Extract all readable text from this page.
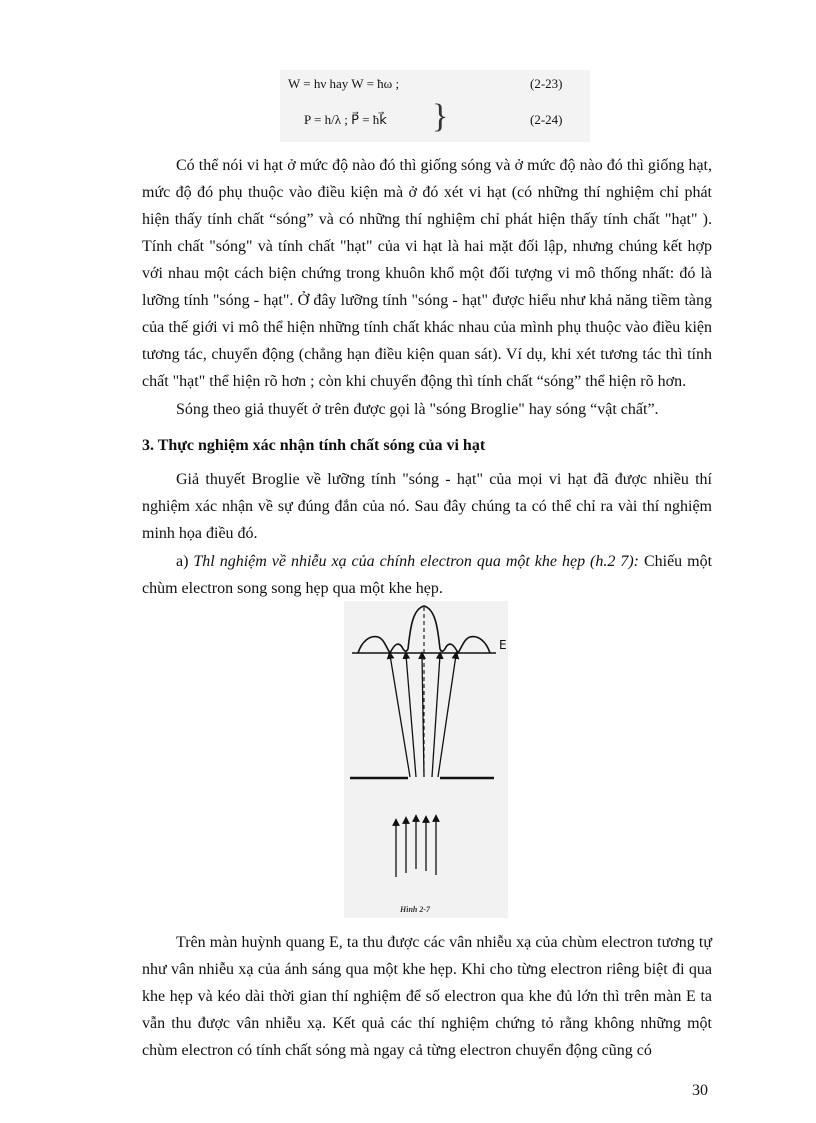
W = hν hay W = ħω ;	(2-23)
P = h/λ ; P⃗ = ħk⃗ }	(2-24)

Có thể nói vi hạt ở mức độ nào đó thì giống sóng và ở mức độ nào đó thì giống hạt, mức độ đó phụ thuộc vào điều kiện mà ở đó xét vi hạt (có những thí nghiệm chỉ phát hiện thấy tính chất “sóng” và có những thí nghiệm chỉ phát hiện thấy tính chất "hạt" ). Tính chất "sóng" và tính chất "hạt" của vi hạt là hai mặt đối lập, nhưng chúng kết hợp với nhau một cách biện chứng trong khuôn khổ một đối tượng vi mô thống nhất: đó là lưỡng tính "sóng - hạt". Ở đây lưỡng tính "sóng - hạt" được hiểu như khả năng tiềm tàng của thế giới vi mô thể hiện những tính chất khác nhau của mình phụ thuộc vào điều kiện tương tác, chuyển động (chẳng hạn điều kiện quan sát). Ví dụ, khi xét tương tác thì tính chất "hạt" thể hiện rõ hơn ; còn khi chuyển động thì tính chất “sóng” thể hiện rõ hơn.

Sóng theo giả thuyết ở trên được gọi là "sóng Broglie" hay sóng “vật chất”.

3. Thực nghiệm xác nhận tính chất sóng của vi hạt

Giả thuyết Broglie về lưỡng tính "sóng - hạt" của mọi vi hạt đã được nhiều thí nghiệm xác nhận về sự đúng đắn của nó. Sau đây chúng ta có thể chỉ ra vài thí nghiệm minh họa điều đó.

a) Thl nghiệm về nhiễu xạ của chính electron qua một khe hẹp (h.2 7): Chiếu một chùm electron song song hẹp qua một khe hẹp.

E
Hình 2-7

Trên màn huỳnh quang E, ta thu được các vân nhiễu xạ của chùm electron tương tự như vân nhiễu xạ của ánh sáng qua một khe hẹp. Khi cho từng electron riêng biệt đi qua khe hẹp và kéo dài thời gian thí nghiệm để số electron qua khe đủ lớn thì trên màn E ta vẫn thu được vân nhiễu xạ. Kết quả các thí nghiệm chứng tỏ rằng không những một chùm electron có tính chất sóng mà ngay cả từng electron chuyển động cũng có

30
